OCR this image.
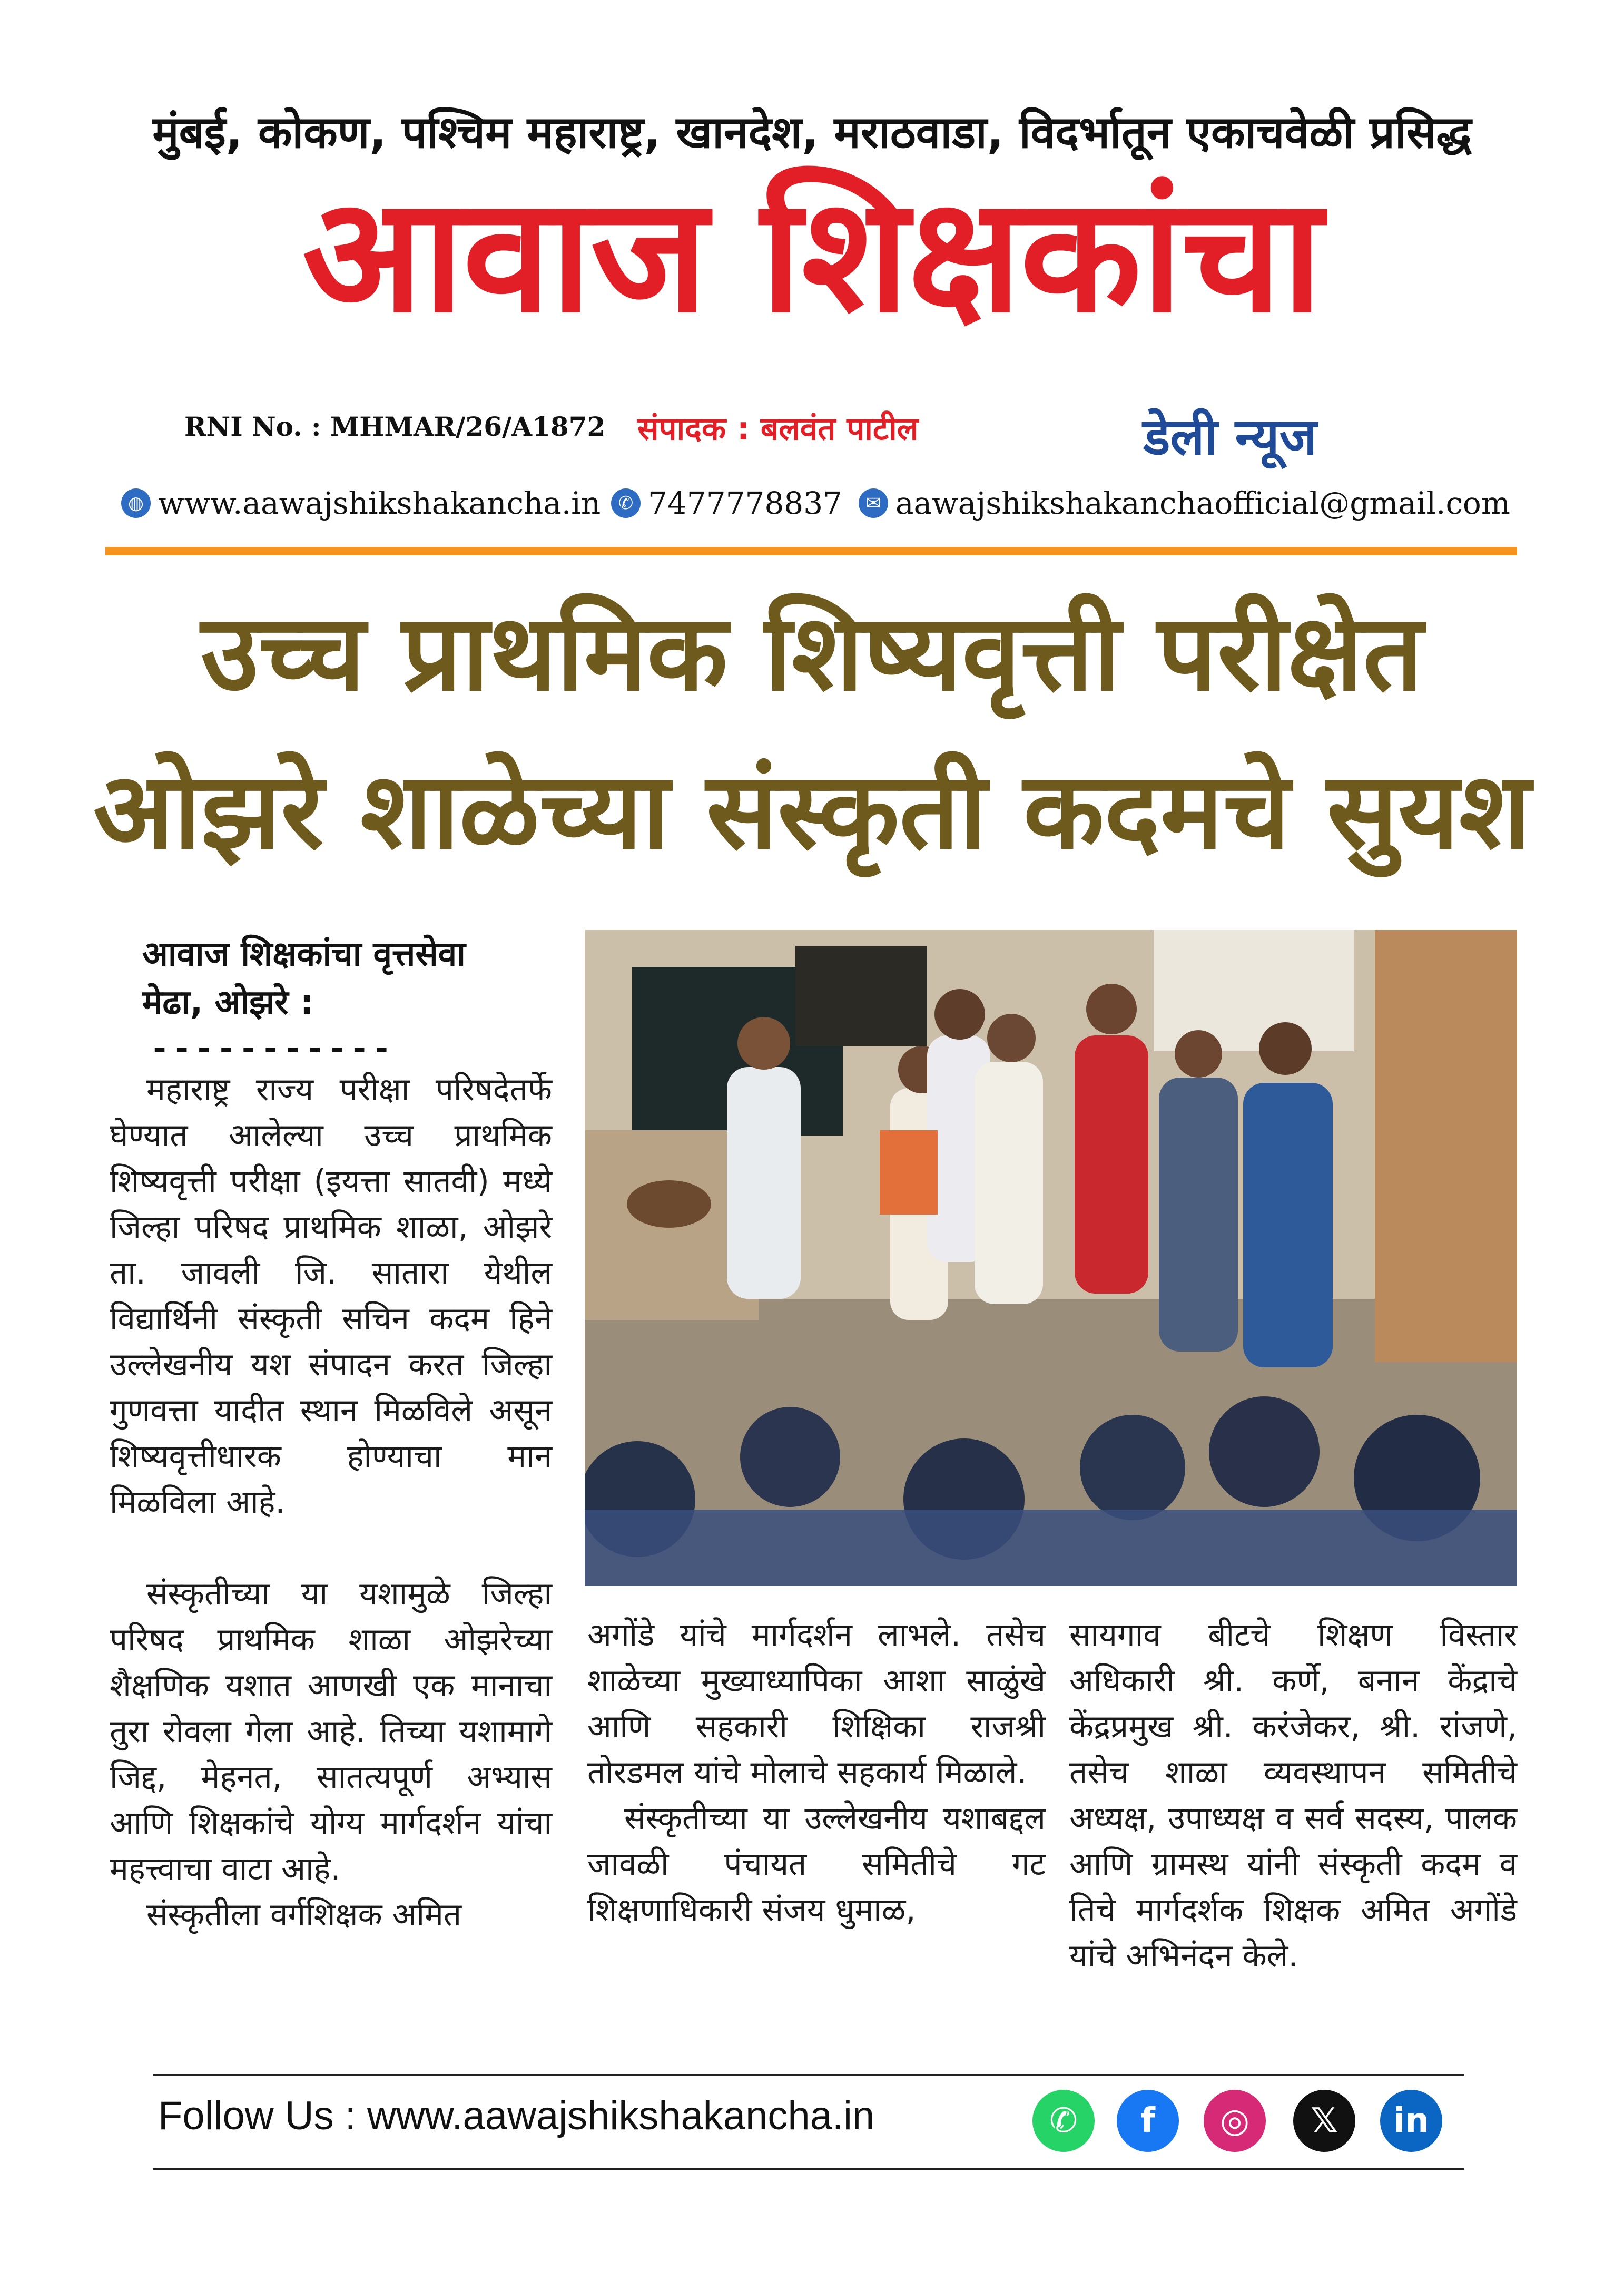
मुंबई, कोकण, पश्चिम महाराष्ट्र, खानदेश, मराठवाडा, विदर्भातून एकाचवेळी प्रसिद्ध
आवाज शिक्षकांचा
RNI No. : MHMAR/26/A1872 संपादक : बलवंत पाटील	डेली न्यूज
◍ www.aawajshikshakancha.in ✆ 7477778837	✉ aawajshikshakanchaofficial@gmail.com
उच्च प्राथमिक शिष्यवृत्ती परीक्षेत
ओझरे शाळेच्या संस्कृती कदमचे सुयश
आवाज शिक्षकांचा वृत्तसेवा
मेढा, ओझरे :
-----------

महाराष्ट्र राज्य परीक्षा परिषदेतर्फे घेण्यात आलेल्या उच्च प्राथमिक शिष्यवृत्ती परीक्षा (इयत्ता सातवी) मध्ये जिल्हा परिषद प्राथमिक शाळा, ओझरे ता. जावली जि. सातारा येथील विद्यार्थिनी संस्कृती सचिन कदम हिने उल्लेखनीय यश संपादन करत जिल्हा गुणवत्ता यादीत स्थान मिळविले असून शिष्यवृत्तीधारक होण्याचा मान मिळविला आहे.

संस्कृतीच्या या यशामुळे जिल्हा परिषद प्राथमिक शाळा ओझरेच्या शैक्षणिक यशात आणखी एक मानाचा तुरा रोवला गेला आहे. तिच्या यशामागे जिद्द, मेहनत, सातत्यपूर्ण अभ्यास आणि शिक्षकांचे योग्य मार्गदर्शन यांचा महत्त्वाचा वाटा आहे.

संस्कृतीला वर्गशिक्षक अमित

अगोंडे यांचे मार्गदर्शन लाभले. तसेच शाळेच्या मुख्याध्यापिका आशा साळुंखे आणि सहकारी शिक्षिका राजश्री तोरडमल यांचे मोलाचे सहकार्य मिळाले.

संस्कृतीच्या या उल्लेखनीय यशाबद्दल जावळी पंचायत समितीचे गट शिक्षणाधिकारी संजय धुमाळ,

सायगाव बीटचे शिक्षण विस्तार अधिकारी श्री. कर्णे, बनान केंद्राचे केंद्रप्रमुख श्री. करंजेकर, श्री. रांजणे, तसेच शाळा व्यवस्थापन समितीचे अध्यक्ष, उपाध्यक्ष व सर्व सदस्य, पालक आणि ग्रामस्थ यांनी संस्कृती कदम व तिचे मार्गदर्शक शिक्षक अमित अगोंडे यांचे अभिनंदन केले.

Follow Us : www.aawajshikshakancha.in	✆	f	◎	𝕏	in
